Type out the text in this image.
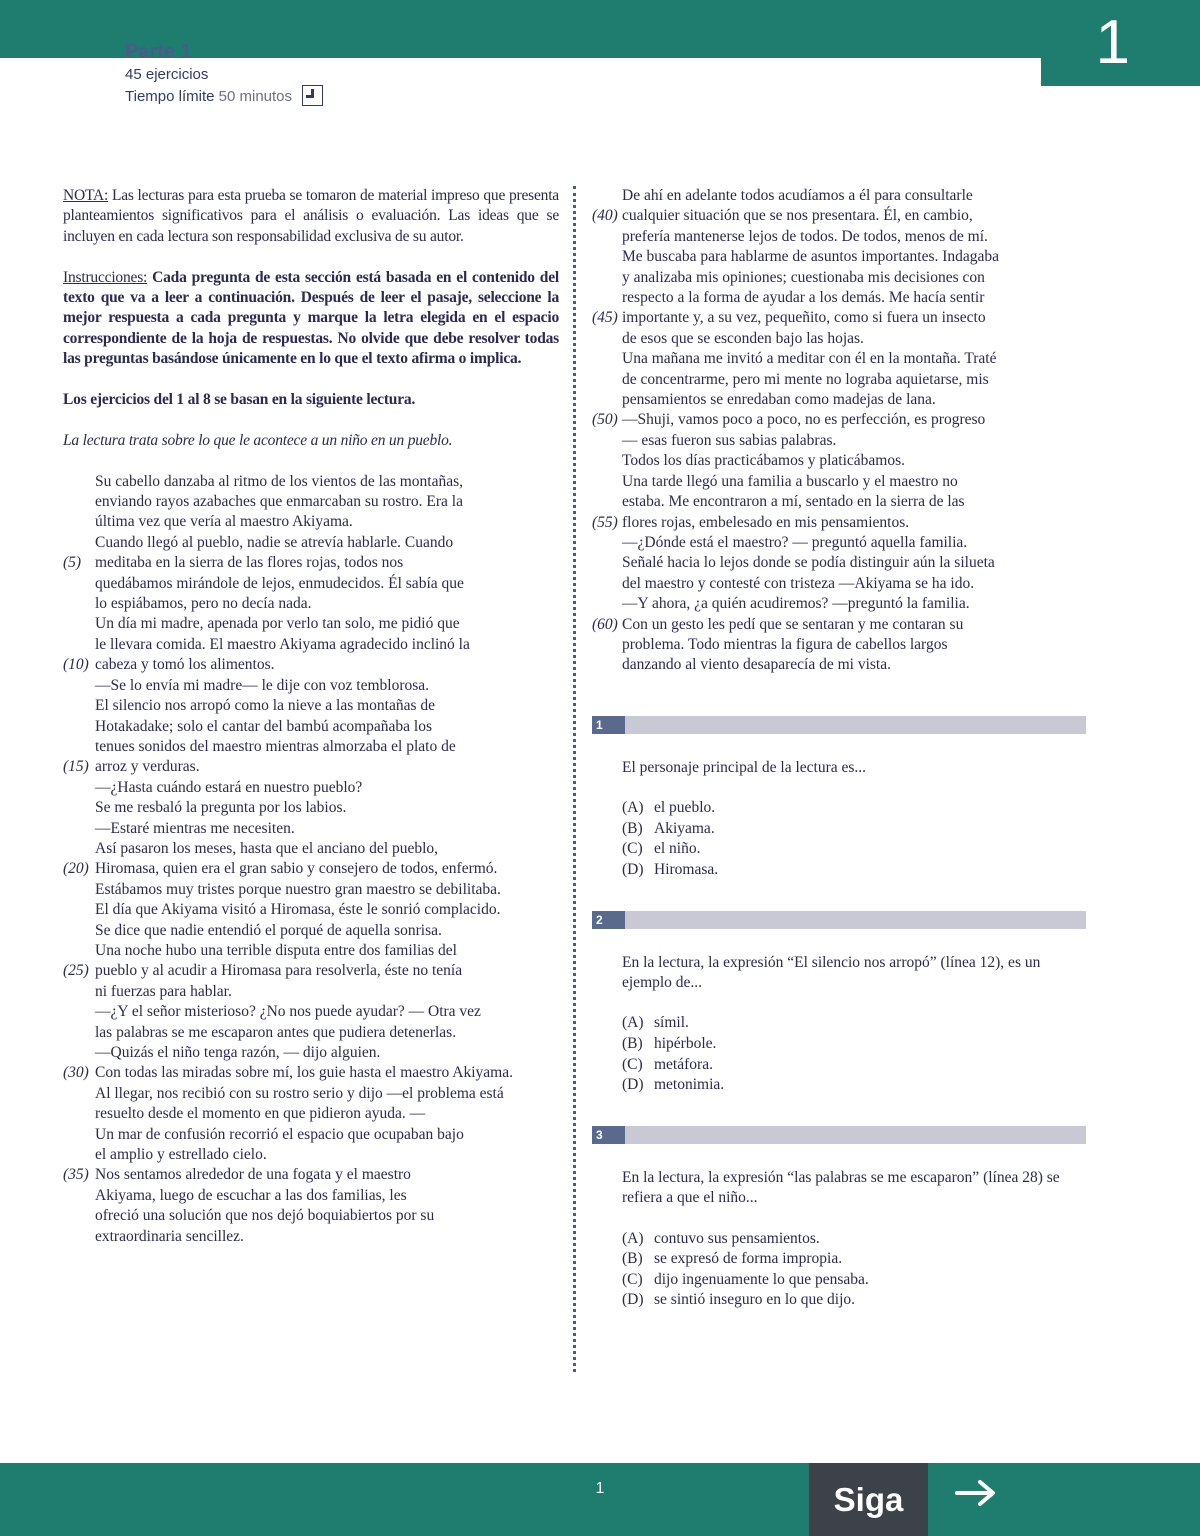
1
Parte 1
45 ejercicios
Tiempo límite 50 minutos

NOTA: Las lecturas para esta prueba se tomaron de material impreso que presenta planteamientos significativos para el análisis o evaluación. Las ideas que se incluyen en cada lectura son responsabilidad exclusiva de su autor.

Instrucciones: Cada pregunta de esta sección está basada en el contenido del texto que va a leer a continuación. Después de leer el pasaje, seleccione la mejor respuesta a cada pregunta y marque la letra elegida en el espacio correspondiente de la hoja de respuestas. No olvide que debe resolver todas las preguntas basándose únicamente en lo que el texto afirma o implica.

Los ejercicios del 1 al 8 se basan en la siguiente lectura.

La lectura trata sobre lo que le acontece a un niño en un pueblo.

Su cabello danzaba al ritmo de los vientos de las montañas,
enviando rayos azabaches que enmarcaban su rostro. Era la
última vez que vería al maestro Akiyama.
Cuando llegó al pueblo, nadie se atrevía hablarle. Cuando
(5) meditaba en la sierra de las flores rojas, todos nos
quedábamos mirándole de lejos, enmudecidos. Él sabía que
lo espiábamos, pero no decía nada.
Un día mi madre, apenada por verlo tan solo, me pidió que
le llevara comida. El maestro Akiyama agradecido inclinó la
(10) cabeza y tomó los alimentos.
—Se lo envía mi madre— le dije con voz temblorosa.
El silencio nos arropó como la nieve a las montañas de
Hotakadake; solo el cantar del bambú acompañaba los
tenues sonidos del maestro mientras almorzaba el plato de
(15) arroz y verduras.
—¿Hasta cuándo estará en nuestro pueblo?
Se me resbaló la pregunta por los labios.
—Estaré mientras me necesiten.
Así pasaron los meses, hasta que el anciano del pueblo,
(20) Hiromasa, quien era el gran sabio y consejero de todos, enfermó.
Estábamos muy tristes porque nuestro gran maestro se debilitaba.
El día que Akiyama visitó a Hiromasa, éste le sonrió complacido.
Se dice que nadie entendió el porqué de aquella sonrisa.
Una noche hubo una terrible disputa entre dos familias del
(25) pueblo y al acudir a Hiromasa para resolverla, éste no tenía
ni fuerzas para hablar.
—¿Y el señor misterioso? ¿No nos puede ayudar? — Otra vez
las palabras se me escaparon antes que pudiera detenerlas.
—Quizás el niño tenga razón, — dijo alguien.
(30) Con todas las miradas sobre mí, los guie hasta el maestro Akiyama.
Al llegar, nos recibió con su rostro serio y dijo —el problema está
resuelto desde el momento en que pidieron ayuda. —
Un mar de confusión recorrió el espacio que ocupaban bajo
el amplio y estrellado cielo.
(35) Nos sentamos alrededor de una fogata y el maestro
Akiyama, luego de escuchar a las dos familias, les
ofreció una solución que nos dejó boquiabiertos por su
extraordinaria sencillez.
De ahí en adelante todos acudíamos a él para consultarle
(40) cualquier situación que se nos presentara. Él, en cambio,
prefería mantenerse lejos de todos. De todos, menos de mí.
Me buscaba para hablarme de asuntos importantes. Indagaba
y analizaba mis opiniones; cuestionaba mis decisiones con
respecto a la forma de ayudar a los demás. Me hacía sentir
(45) importante y, a su vez, pequeñito, como si fuera un insecto
de esos que se esconden bajo las hojas.
Una mañana me invitó a meditar con él en la montaña. Traté
de concentrarme, pero mi mente no lograba aquietarse, mis
pensamientos se enredaban como madejas de lana.
(50) —Shuji, vamos poco a poco, no es perfección, es progreso
— esas fueron sus sabias palabras.
Todos los días practicábamos y platicábamos.
Una tarde llegó una familia a buscarlo y el maestro no
estaba. Me encontraron a mí, sentado en la sierra de las
(55) flores rojas, embelesado en mis pensamientos.
—¿Dónde está el maestro? — preguntó aquella familia.
Señalé hacia lo lejos donde se podía distinguir aún la silueta
del maestro y contesté con tristeza —Akiyama se ha ido.
—Y ahora, ¿a quién acudiremos? —preguntó la familia.
(60) Con un gesto les pedí que se sentaran y me contaran su
problema. Todo mientras la figura de cabellos largos
danzando al viento desaparecía de mi vista.
1

El personaje principal de la lectura es...

(A) el pueblo.
(B) Akiyama.
(C) el niño.
(D) Hiromasa.
2

En la lectura, la expresión “El silencio nos arropó” (línea 12), es un ejemplo de...

(A) símil.
(B) hipérbole.
(C) metáfora.
(D) metonimia.
3

En la lectura, la expresión “las palabras se me escaparon” (línea 28) se refiera a que el niño...

(A) contuvo sus pensamientos.
(B) se expresó de forma impropia.
(C) dijo ingenuamente lo que pensaba.
(D) se sintió inseguro en lo que dijo.
1	Siga
